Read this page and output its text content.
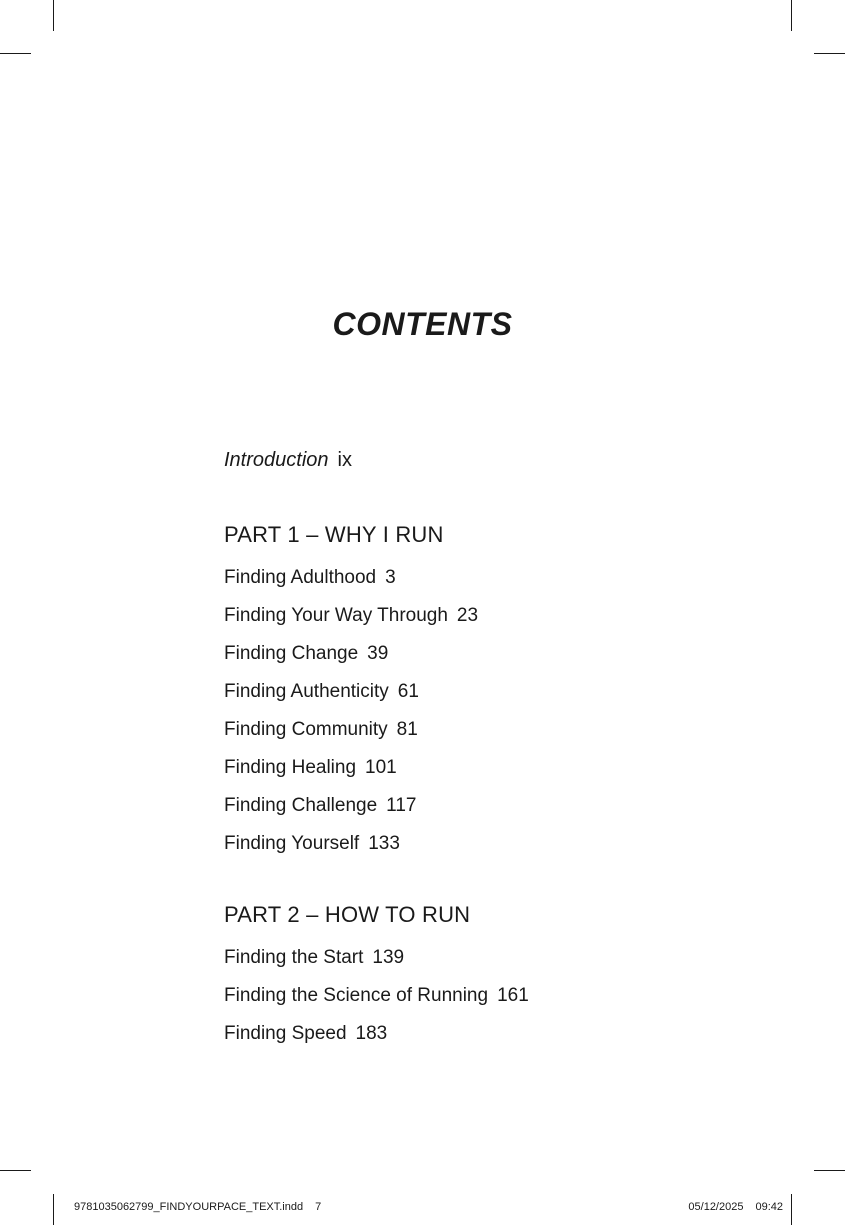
CONTENTS
Introduction ix
PART 1 – WHY I RUN
Finding Adulthood 3
Finding Your Way Through 23
Finding Change 39
Finding Authenticity 61
Finding Community 81
Finding Healing 101
Finding Challenge 117
Finding Yourself 133
PART 2 – HOW TO RUN
Finding the Start 139
Finding the Science of Running 161
Finding Speed 183
9781035062799_FINDYOURPACE_TEXT.indd 7	05/12/2025 09:42
